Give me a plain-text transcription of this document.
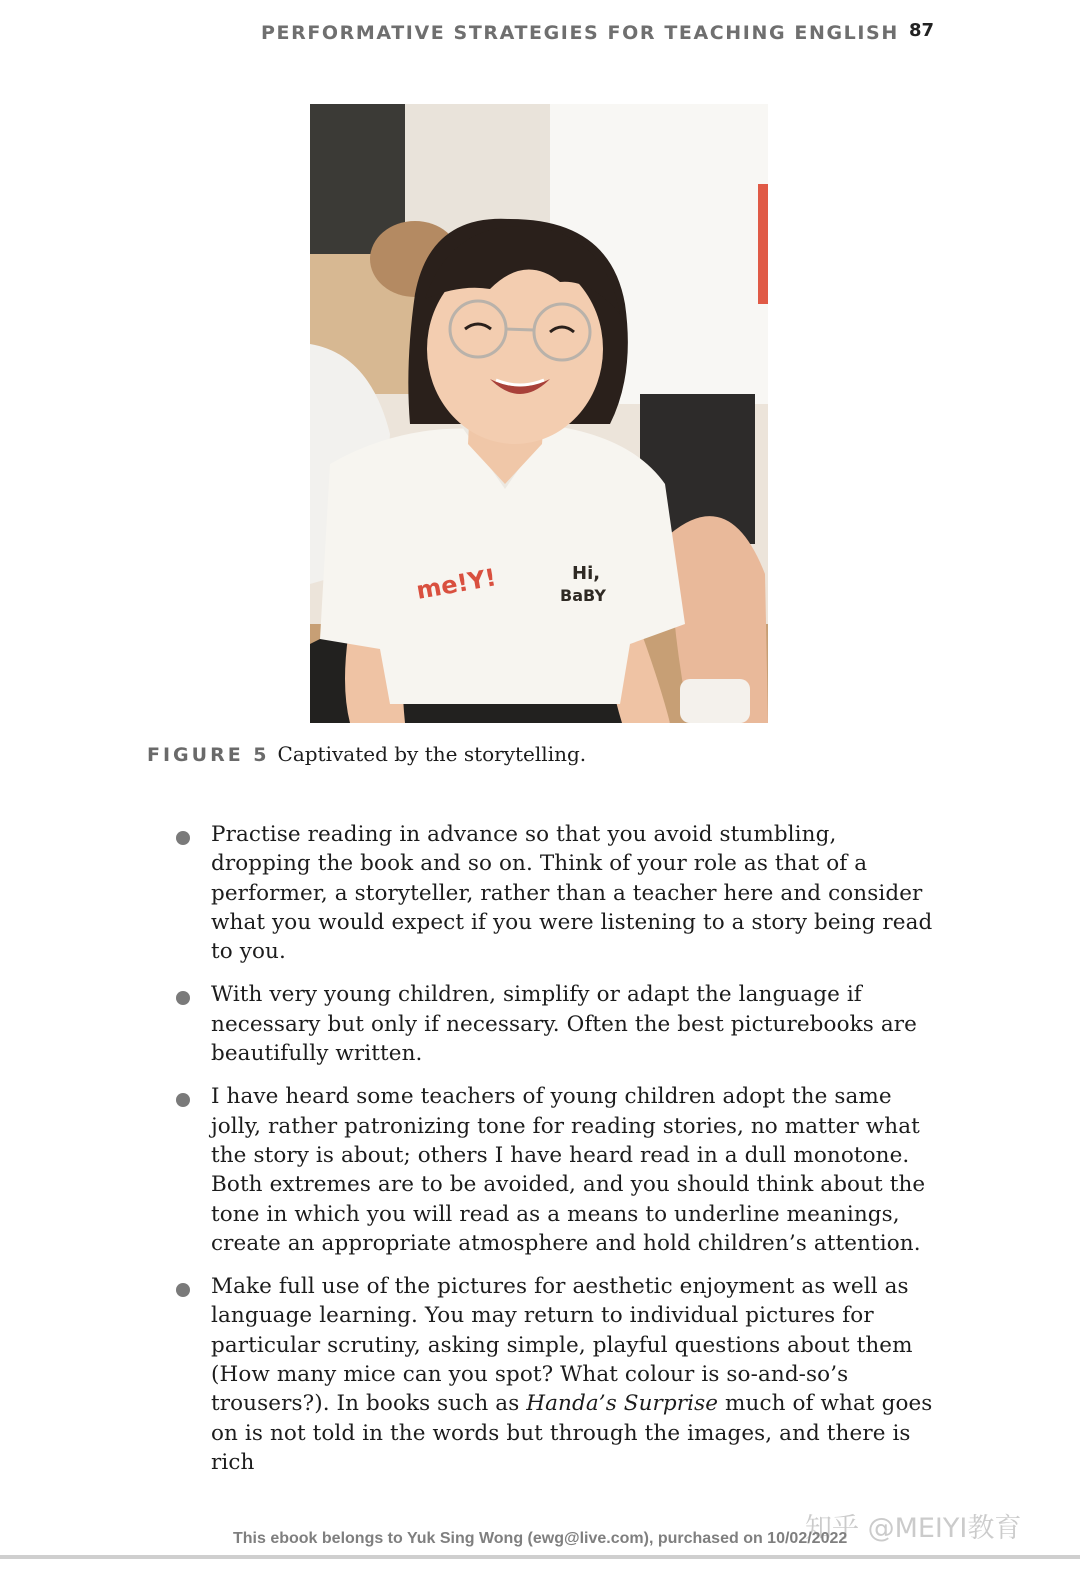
PERFORMATIVE STRATEGIES FOR TEACHING ENGLISH 87
me!Y!	Hi,
BaBY
FIGURE 5 Captivated by the storytelling.
Practise reading in advance so that you avoid stumbling, dropping the book and so on. Think of your role as that of a performer, a storyteller, rather than a teacher here and consider what you would expect if you were listening to a story being read to you.
With very young children, simplify or adapt the language if necessary but only if necessary. Often the best picturebooks are beautifully written.
I have heard some teachers of young children adopt the same jolly, rather patronizing tone for reading stories, no matter what the story is about; others I have heard read in a dull monotone. Both extremes are to be avoided, and you should think about the tone in which you will read as a means to underline meanings, create an appropriate atmosphere and hold children’s attention.
Make full use of the pictures for aesthetic enjoyment as well as language learning. You may return to individual pictures for particular scrutiny, asking simple, playful questions about them (How many mice can you spot? What colour is so-and-so’s trousers?). In books such as Handa’s Surprise much of what goes on is not told in the words but through the images, and there is rich
知乎 @MEIYI教育
This ebook belongs to Yuk Sing Wong (ewg@live.com), purchased on 10/02/2022
